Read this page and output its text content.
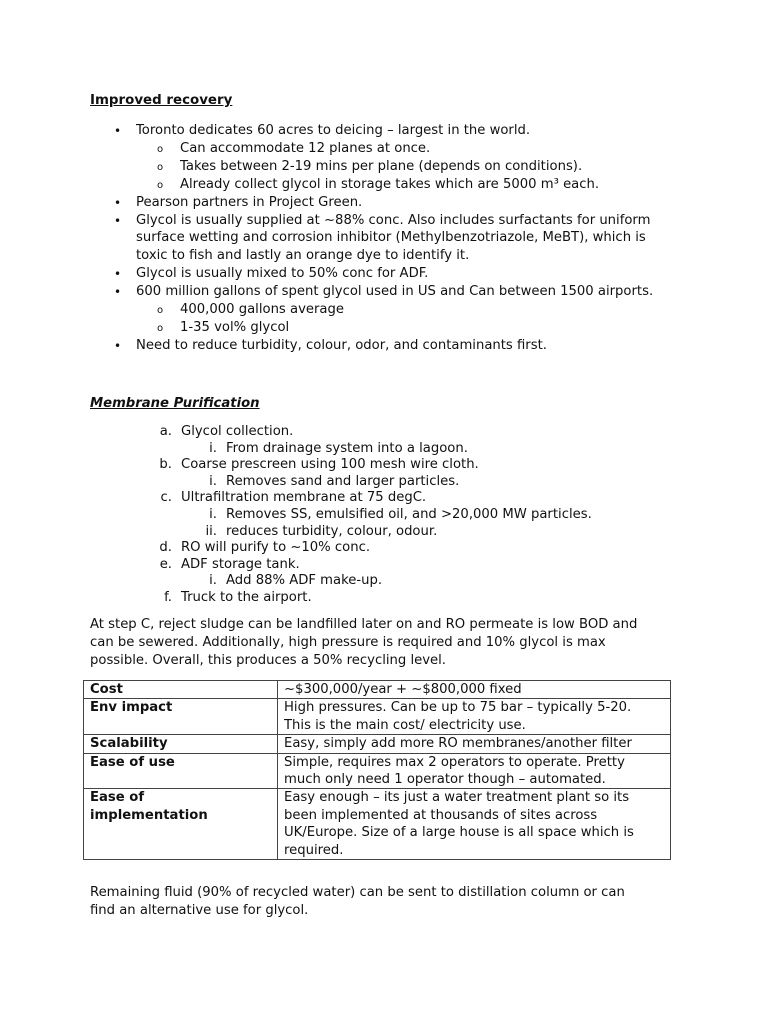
Improved recovery
• Toronto dedicates 60 acres to deicing – largest in the world.
o Can accommodate 12 planes at once.
o Takes between 2-19 mins per plane (depends on conditions).
o Already collect glycol in storage takes which are 5000 m³ each.
• Pearson partners in Project Green.
• Glycol is usually supplied at ~88% conc. Also includes surfactants for uniform
surface wetting and corrosion inhibitor (Methylbenzotriazole, MeBT), which is
toxic to fish and lastly an orange dye to identify it.
• Glycol is usually mixed to 50% conc for ADF.
• 600 million gallons of spent glycol used in US and Can between 1500 airports.
o 400,000 gallons average
o 1-35 vol% glycol
• Need to reduce turbidity, colour, odor, and contaminants first.
Membrane Purification
a. Glycol collection.
i. From drainage system into a lagoon.
b. Coarse prescreen using 100 mesh wire cloth.
i. Removes sand and larger particles.
c. Ultrafiltration membrane at 75 degC.
i. Removes SS, emulsified oil, and >20,000 MW particles.
ii. reduces turbidity, colour, odour.
d. RO will purify to ~10% conc.
e. ADF storage tank.
i. Add 88% ADF make-up.
f. Truck to the airport.
At step C, reject sludge can be landfilled later on and RO permeate is low BOD and
can be sewered. Additionally, high pressure is required and 10% glycol is max
possible. Overall, this produces a 50% recycling level.
Cost	~$300,000/year + ~$800,000 fixed
Env impact	High pressures. Can be up to 75 bar – typically 5-20.
This is the main cost/ electricity use.
Scalability	Easy, simply add more RO membranes/another filter
Ease of use	Simple, requires max 2 operators to operate. Pretty
much only need 1 operator though – automated.
Ease of
implementation	Easy enough – its just a water treatment plant so its
been implemented at thousands of sites across
UK/Europe. Size of a large house is all space which is
required.
Remaining fluid (90% of recycled water) can be sent to distillation column or can
find an alternative use for glycol.
